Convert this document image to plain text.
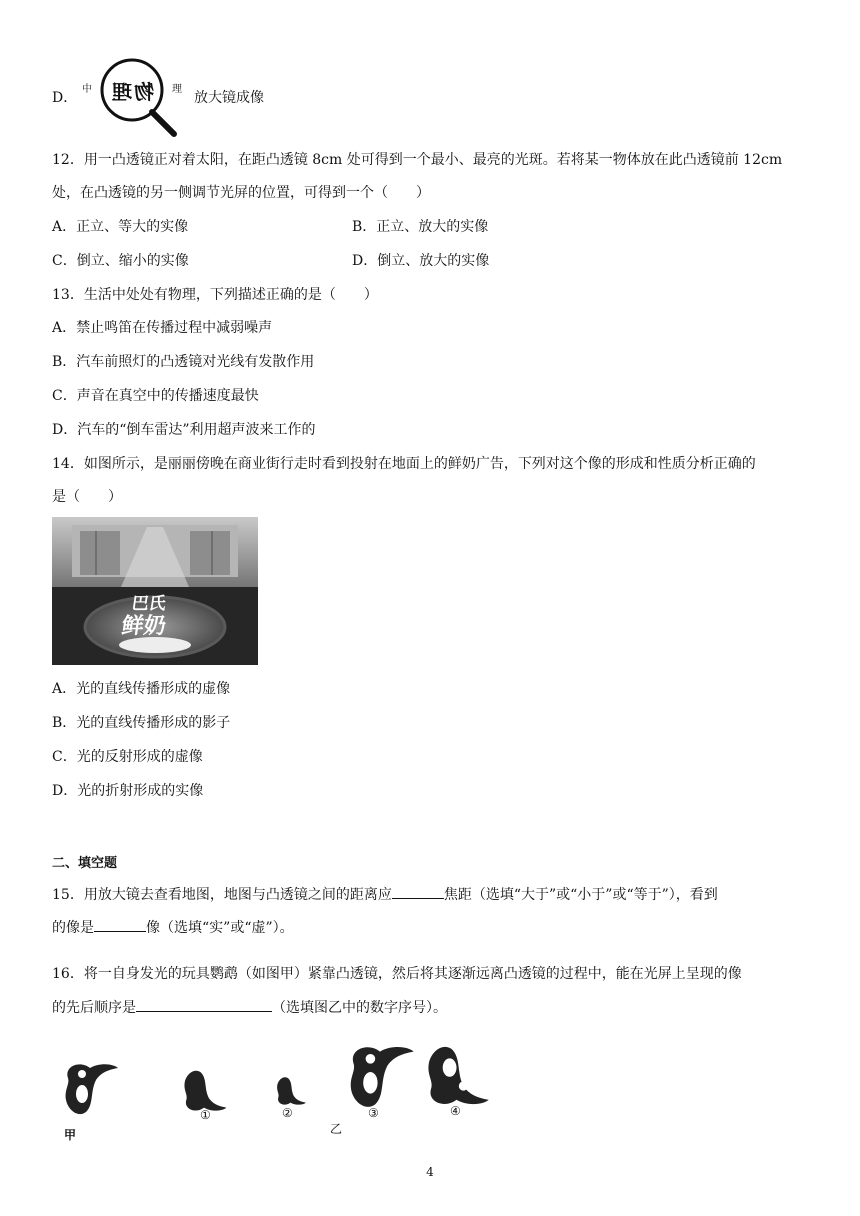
D．
中	理
物理	放大镜成像
12．用一凸透镜正对着太阳，在距凸透镜 8cm 处可得到一个最小、最亮的光斑。若将某一物体放在此凸透镜前 12cm
处，在凸透镜的另一侧调节光屏的位置，可得到一个（　　）
A．正立、等大的实像	B．正立、放大的实像
C．倒立、缩小的实像	D．倒立、放大的实像
13．生活中处处有物理，下列描述正确的是（　　）
A．禁止鸣笛在传播过程中减弱噪声
B．汽车前照灯的凸透镜对光线有发散作用
C．声音在真空中的传播速度最快
D．汽车的“倒车雷达”利用超声波来工作的
14．如图所示，是丽丽傍晚在商业街行走时看到投射在地面上的鲜奶广告，下列对这个像的形成和性质分析正确的
是（　　）
巴氏
鲜奶
A．光的直线传播形成的虚像
B．光的直线传播形成的影子
C．光的反射形成的虚像
D．光的折射形成的实像
二、填空题
15．用放大镜去查看地图，地图与凸透镜之间的距离应	焦距（选填“大于”或“小于”或“等于”），看到
的像是	像（选填“实”或“虚”）。
16．将一自身发光的玩具鹦鹉（如图甲）紧靠凸透镜，然后将其逐渐远离凸透镜的过程中，能在光屏上呈现的像
的先后顺序是	（选填图乙中的数字序号）。
甲
①	②
乙
③	④
4
